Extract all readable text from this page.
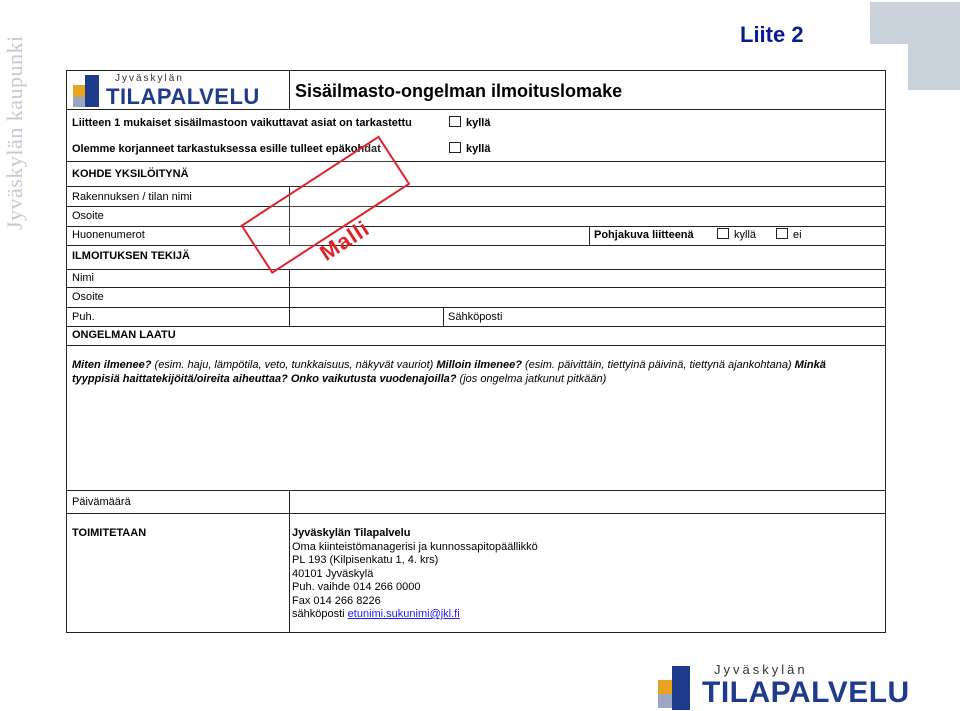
Jyväskylän kaupunki
Liite 2
Jyväskylän
TILAPALVELU Sisäilmasto-ongelman ilmoituslomake
Liitteen 1 mukaiset sisäilmastoon vaikuttavat asiat on tarkastettu	kyllä
Olemme korjanneet tarkastuksessa esille tulleet epäkohdat	kyllä
KOHDE YKSILÖITYNÄ
Rakennuksen / tilan nimi
Osoite
Huonenumerot	Pohjakuva liitteenä	kyllä	ei
ILMOITUKSEN TEKIJÄ
Nimi
Osoite
Puh.	Sähköposti
ONGELMAN LAATU
Miten ilmenee? (esim. haju, lämpötila, veto, tunkkaisuus, näkyvät vauriot) Milloin ilmenee? (esim. päivittäin, tiettyinä päivinä, tiettynä ajankohtana) Minkä
tyyppisiä haittatekijöitä/oireita aiheuttaa? Onko vaikutusta vuodenajoilla? (jos ongelma jatkunut pitkään)
Päivämäärä
TOIMITETAAN	Jyväskylän Tilapalvelu
Oma kiinteistömanagerisi ja kunnossapitopäällikkö
PL 193 (Kilpisenkatu 1, 4. krs)
40101 Jyväskylä
Puh. vaihde 014 266 0000
Fax 014 266 8226
sähköposti etunimi.sukunimi@jkl.fi
Malli
Jyväskylän
TILAPALVELU
